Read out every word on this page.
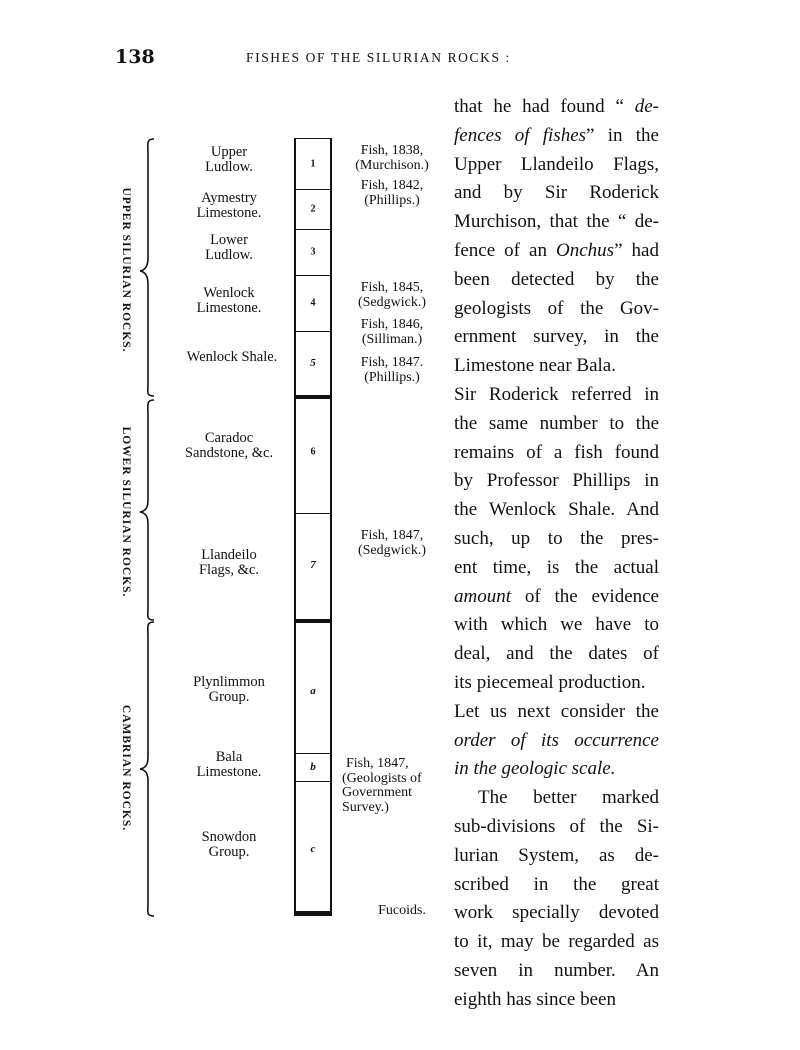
138	FISHES OF THE SILURIAN ROCKS :
UPPER SILURIAN ROCKS.
LOWER SILURIAN ROCKS.
CAMBRIAN ROCKS.
Upper
Ludlow.
Aymestry
Limestone.
Lower
Ludlow.
Wenlock
Limestone.
Wenlock Shale.
Caradoc
Sandstone, &c.
Llandeilo
Flags, &c.
Plynlimmon
Group.
Bala
Limestone.
Snowdon
Group.
1
2
3
4
5
6
7
a
b
c
Fish, 1838,
(Murchison.)
Fish, 1842,
(Phillips.)
Fish, 1845,
(Sedgwick.)
Fish, 1846,
(Silliman.)
Fish, 1847.
(Phillips.)
Fish, 1847,
(Sedgwick.)
Fish, 1847,
(Geologists of
Government
Survey.)
Fucoids.
that he had found “ de-
fences of fishes” in the
Upper Llandeilo Flags,
and by Sir Roderick
Murchison, that the “ de-
fence of an Onchus” had
been detected by the
geologists of the Gov-
ernment survey, in the
Limestone near Bala.
Sir Roderick referred in
the same number to the
remains of a fish found
by Professor Phillips in
the Wenlock Shale. And
such, up to the pres-
ent time, is the actual
amount of the evidence
with which we have to
deal, and the dates of
its piecemeal production.
Let us next consider the
order of its occurrence
in the geologic scale.
The better marked
sub-divisions of the Si-
lurian System, as de-
scribed in the great
work specially devoted
to it, may be regarded as
seven in number. An
eighth has since been
